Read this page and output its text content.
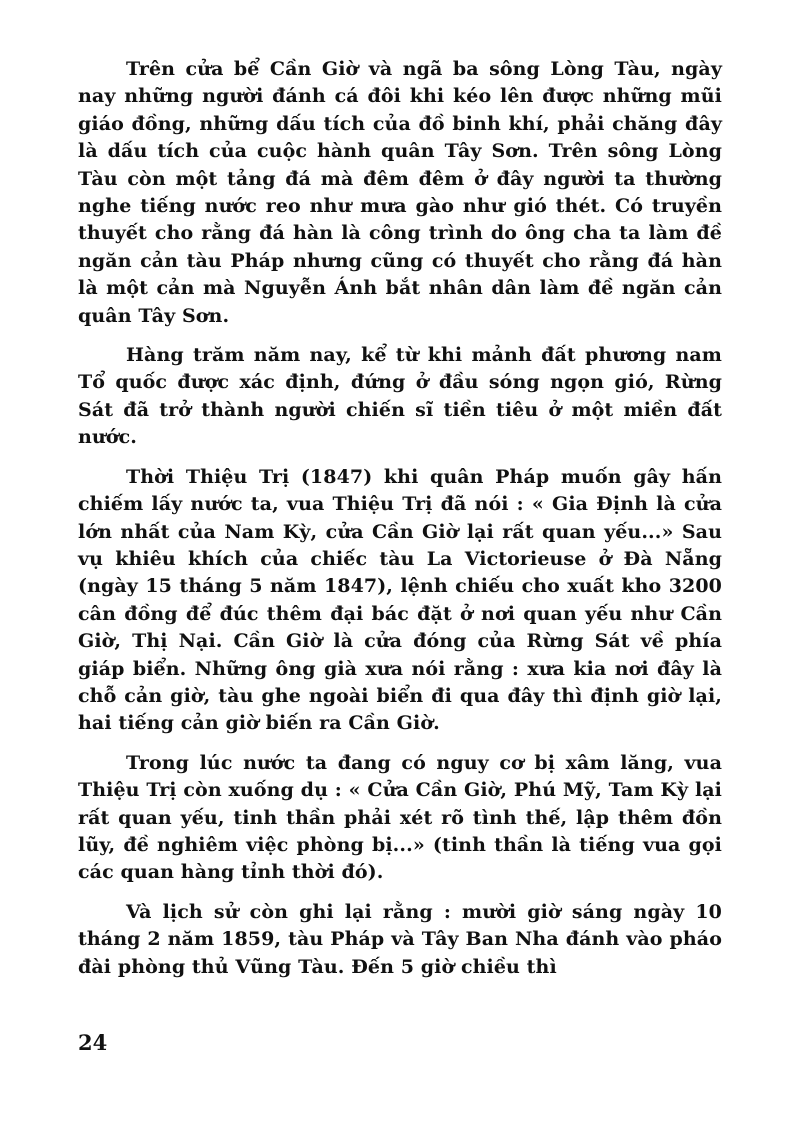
Trên cửa bể Cần Giờ và ngã ba sông Lòng Tàu, ngày nay những người đánh cá đôi khi kéo lên được những mũi giáo đồng, những dấu tích của đồ binh khí, phải chăng đây là dấu tích của cuộc hành quân Tây Sơn. Trên sông Lòng Tàu còn một tảng đá mà đêm đêm ở đây người ta thường nghe tiếng nước reo như mưa gào như gió thét. Có truyền thuyết cho rằng đá hàn là công trình do ông cha ta làm đề ngăn cản tàu Pháp nhưng cũng có thuyết cho rằng đá hàn là một cản mà Nguyễn Ánh bắt nhân dân làm đề ngăn cản quân Tây Sơn.

Hàng trăm năm nay, kể từ khi mảnh đất phương nam Tổ quốc được xác định, đứng ở đầu sóng ngọn gió, Rừng Sát đã trở thành người chiến sĩ tiền tiêu ở một miền đất nước.

Thời Thiệu Trị (1847) khi quân Pháp muốn gây hấn chiếm lấy nước ta, vua Thiệu Trị đã nói : « Gia Định là cửa lớn nhất của Nam Kỳ, cửa Cần Giờ lại rất quan yếu...» Sau vụ khiêu khích của chiếc tàu La Victorieuse ở Đà Nẵng (ngày 15 tháng 5 năm 1847), lệnh chiếu cho xuất kho 3200 cân đồng để đúc thêm đại bác đặt ở nơi quan yếu như Cần Giờ, Thị Nại. Cần Giờ là cửa đóng của Rừng Sát về phía giáp biển. Những ông già xưa nói rằng : xưa kia nơi đây là chỗ cản giờ, tàu ghe ngoài biển đi qua đây thì định giờ lại, hai tiếng cản giờ biến ra Cần Giờ.

Trong lúc nước ta đang có nguy cơ bị xâm lăng, vua Thiệu Trị còn xuống dụ : « Cửa Cần Giờ, Phú Mỹ, Tam Kỳ lại rất quan yếu, tinh thần phải xét rõ tình thế, lập thêm đồn lũy, đề nghiêm việc phòng bị...» (tinh thần là tiếng vua gọi các quan hàng tỉnh thời đó).

Và lịch sử còn ghi lại rằng : mười giờ sáng ngày 10 tháng 2 năm 1859, tàu Pháp và Tây Ban Nha đánh vào pháo đài phòng thủ Vũng Tàu. Đến 5 giờ chiều thì

24
